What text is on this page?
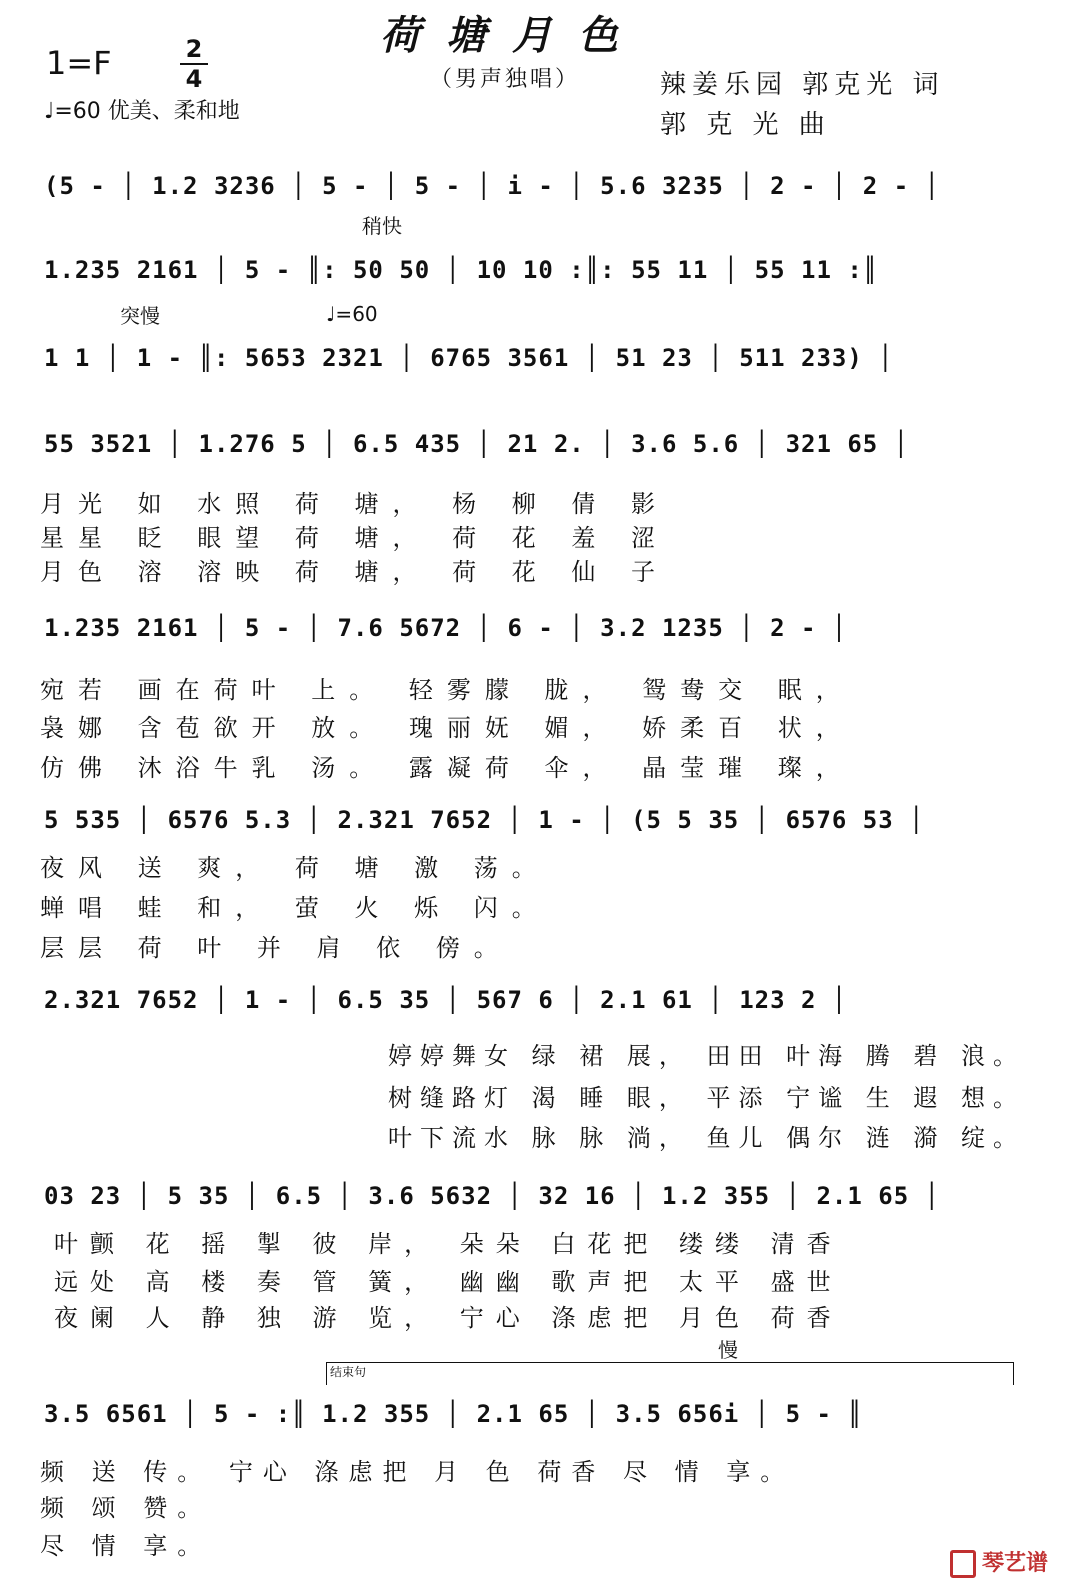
荷塘月色
1=F	2
4
♩=60 优美、柔和地
（男声独唱）	辣姜乐园 郭克光 词
郭 克 光 曲
(5 - │ 1.2 3236 │ 5 - │ 5 - │ i - │ 5.6 3235 │ 2 - │ 2 - │
稍快
1.235 2161 │ 5 - ║: 50 50 │ 10 10 :║: 55 11 │ 55 11 :║
突慢	♩=60
1 1 │ 1 - ║: 5653 2321 │ 6765 3561 │ 51 23 │ 511 233) │
55 3521 │ 1.276 5 │ 6.5 435 │ 21 2. │ 3.6 5.6 │ 321 65 │
月光 如 水照 荷 塘， 杨 柳 倩 影
星星 眨 眼望 荷 塘， 荷 花 羞 涩
月色 溶 溶映 荷 塘， 荷 花 仙 子
1.235 2161 │ 5 - │ 7.6 5672 │ 6 - │ 3.2 1235 │ 2 - │
宛若 画在荷叶 上。 轻雾朦 胧， 鸳鸯交 眠，
袅娜 含苞欲开 放。 瑰丽妩 媚， 娇柔百 状，
仿佛 沐浴牛乳 汤。 露凝荷 伞， 晶莹璀 璨，
5 535 │ 6576 5.3 │ 2.321 7652 │ 1 - │ (5 5 35 │ 6576 53 │
夜风 送 爽， 荷 塘 激 荡。
蝉唱 蛙 和， 萤 火 烁 闪。
层层 荷 叶 并 肩 依 傍。
2.321 7652 │ 1 - │ 6.5 35 │ 567 6 │ 2.1 61 │ 123 2 │
婷婷舞女 绿 裙 展， 田田 叶海 腾 碧 浪。
树缝路灯 渴 睡 眼， 平添 宁谧 生 遐 想。
叶下流水 脉 脉 淌， 鱼儿 偶尔 涟 漪 绽。
03 23 │ 5 35 │ 6.5 │ 3.6 5632 │ 32 16 │ 1.2 355 │ 2.1 65 │
叶颤 花 摇 掣 彼 岸， 朵朵 白花把 缕缕 清香
远处 高 楼 奏 管 簧， 幽幽 歌声把 太平 盛世
夜阑 人 静 独 游 览， 宁心 涤虑把 月色 荷香
慢
结束句
3.5 6561 │ 5 - :║ 1.2 355 │ 2.1 65 │ 3.5 656i │ 5 - ║
频 送 传。 宁心 涤虑把 月 色 荷香 尽 情 享。
频 颂 赞。
尽 情 享。
琴艺谱
